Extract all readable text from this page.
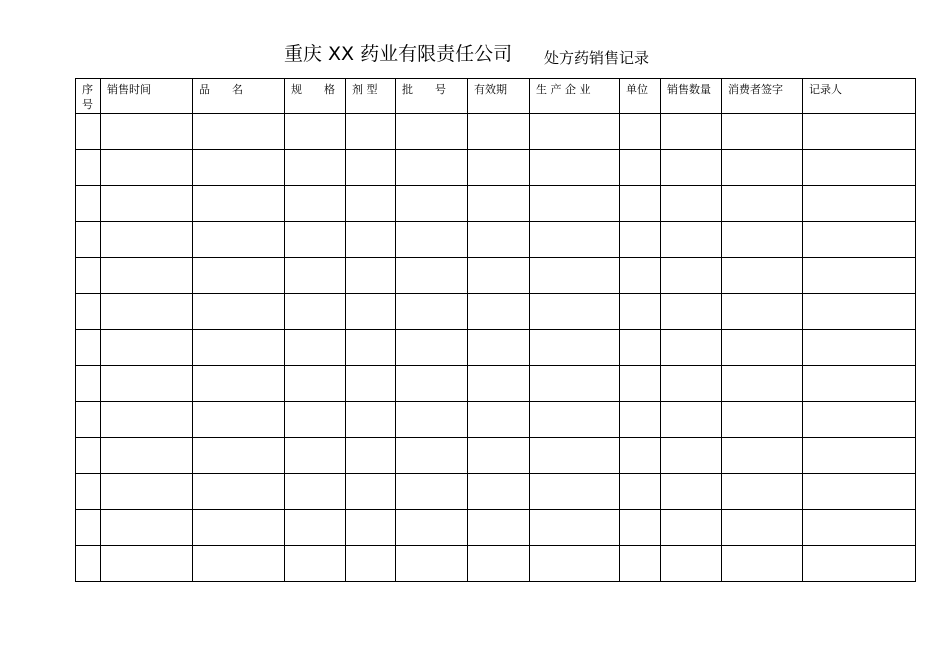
重庆 XX 药业有限责任公司 处方药销售记录
序号	销售时间	品　　名	规　　格	剂 型	批　　号	有效期	生 产 企 业	单位	销售数量	消费者签字	记录人
